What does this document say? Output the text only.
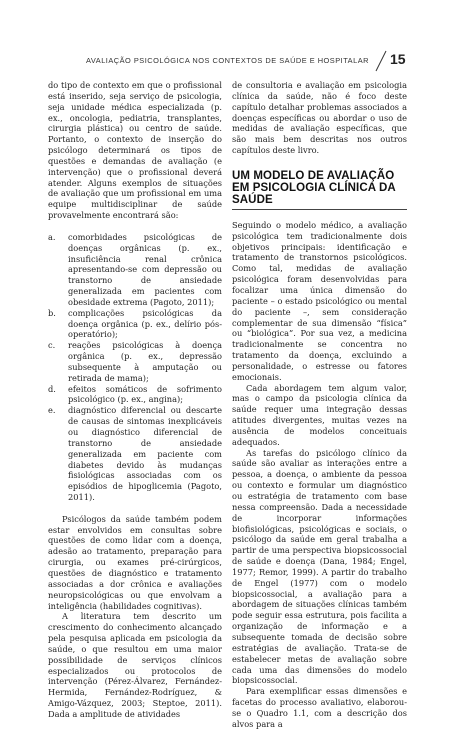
AVALIAÇÃO PSICOLÓGICA NOS CONTEXTOS DE SAÚDE E HOSPITALAR 15

do tipo de contexto em que o profissional está inserido, seja serviço de psicologia, seja unidade médica especializada (p. ex., oncologia, pediatria, transplantes, cirurgia plástica) ou centro de saúde. Portanto, o contexto de inserção do psicólogo determinará os tipos de questões e demandas de avaliação (e intervenção) que o profissional deverá atender. Alguns exemplos de situações de avaliação que um profissional em uma equipe multidisciplinar de saúde provavelmente encontrará são:

a.	comorbidades psicológicas de doenças orgânicas (p. ex., insuficiência renal crônica apresentando-se com depressão ou transtorno de ansiedade generalizada em pacientes com obesidade extrema (Pagoto, 2011);
b.	complicações psicológicas da doença orgânica (p. ex., delírio pós-operatório);
c.	reações psicológicas à doença orgânica (p. ex., depressão subsequente à amputação ou retirada de mama);
d.	efeitos somáticos de sofrimento psicológico (p. ex., angina);
e.	diagnóstico diferencial ou descarte de causas de sintomas inexplicáveis ou diagnóstico diferencial de transtorno de ansiedade generalizada em paciente com diabetes devido às mudanças fisiológicas associadas com os episódios de hipoglicemia (Pagoto, 2011).

Psicólogos da saúde também podem estar envolvidos em consultas sobre questões de como lidar com a doença, adesão ao tratamento, preparação para cirurgia, ou exames pré-cirúrgicos, questões de diagnóstico e tratamento associadas a dor crônica e avaliações neuropsicológicas ou que envolvam a inteligência (habilidades cognitivas).

A literatura tem descrito um crescimento do conhecimento alcançado pela pesquisa aplicada em psicologia da saúde, o que resultou em uma maior possibilidade de serviços clínicos especializados ou protocolos de intervenção (Pérez-Álvarez, Fernández-Hermida, Fernández-Rodríguez, & Amigo-Vázquez, 2003; Steptoe, 2011). Dada a amplitude de atividades

de consultoria e avaliação em psicologia clínica da saúde, não é foco deste capítulo detalhar problemas associados a doenças específicas ou abordar o uso de medidas de avaliação específicas, que são mais bem descritas nos outros capítulos deste livro.

UM MODELO DE AVALIAÇÃO EM PSICOLOGIA CLÍNICA DA SAÚDE

Seguindo o modelo médico, a avaliação psicológica tem tradicionalmente dois objetivos principais: identificação e tratamento de transtornos psicológicos. Como tal, medidas de avaliação psicológica foram desenvolvidas para focalizar uma única dimensão do paciente – o estado psicológico ou mental do paciente –, sem consideração complementar de sua dimensão “física” ou “biológica”. Por sua vez, a medicina tradicionalmente se concentra no tratamento da doença, excluindo a personalidade, o estresse ou fatores emocionais.

Cada abordagem tem algum valor, mas o campo da psicologia clínica da saúde requer uma integração dessas atitudes divergentes, muitas vezes na ausência de modelos conceituais adequados.

As tarefas do psicólogo clínico da saúde são avaliar as interações entre a pessoa, a doença, o ambiente da pessoa ou contexto e formular um diagnóstico ou estratégia de tratamento com base nessa compreensão. Dada a necessidade de incorporar informações biofisiológicas, psicológicas e sociais, o psicólogo da saúde em geral trabalha a partir de uma perspectiva biopsicossocial de saúde e doença (Dana, 1984; Engel, 1977; Remor, 1999). A partir do trabalho de Engel (1977) com o modelo biopsicossocial, a avaliação para a abordagem de situações clínicas também pode seguir essa estrutura, pois facilita a organização de informação e a subsequente tomada de decisão sobre estratégias de avaliação. Trata-se de estabelecer metas de avaliação sobre cada uma das dimensões do modelo biopsicossocial.

Para exemplificar essas dimensões e facetas do processo avaliativo, elaborou-se o Quadro 1.1, com a descrição dos alvos para a
